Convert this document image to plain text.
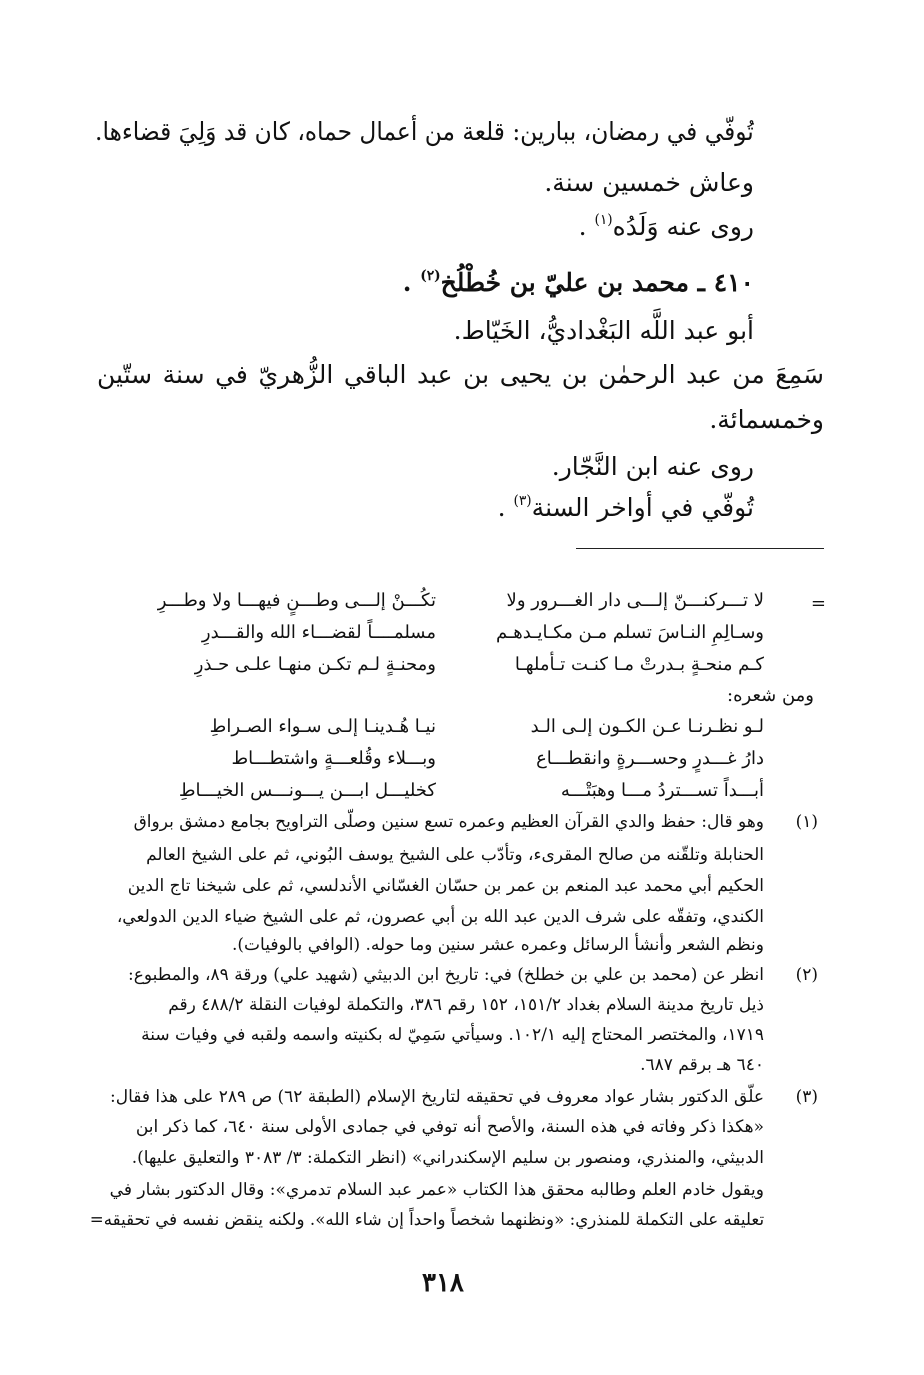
تُوفّي في رمضان، ببارين: قلعة من أعمال حماه، كان قد وَلِيَ قضاءها.
وعاش خمسين سنة.
روى عنه وَلَدُه$^{(١)}$ .
٤١٠ ـ محمد بن عليّ بن خُطْلُخ$^{(٢)}$ .
أبو عبد اللَّه البَغْداديُّ، الخَيّاط.
سَمِعَ من عبد الرحمٰن بن يحيى بن عبد الباقي الزُّهريّ في سنة ستّين
وخمسمائة.
روى عنه ابن النَّجّار.
تُوفّي في أواخر السنة$^{(٣)}$ .
=
لا تـــركنـــنّ إلـــى دار الغـــرور ولا
تكُـــنْ إلـــى وطـــنٍ فيهـــا ولا وطـــرِ
وسـالِمِ النـاسَ تسلم مـن مكـايـدهـم
مسلمــــاً لقضـــاء الله والقـــدرِ
كـم منحـةٍ بـدرتْ مـا كنـت تـأملهـا
ومحنـةٍ لـم تكـن منهـا علـى حـذرِ
ومن شعره:
لـو نظـرنـا عـن الكـون إلـى الـد
نيـا هُـدينـا إلـى سـواء الصـراطِ
دارُ غـــدرٍ وحســـرةٍ وانقطـــاع
وبـــلاء وقُلعـــةٍ واشتطـــاط
أبـــداً تســـتردُ مـــا وهبَتْـــه
كخليـــل ابـــن يـــونـــس الخيـــاطِ
(١)
وهو قال: حفظ والدي القرآن العظيم وعمره تسع سنين وصلّى التراويح بجامع دمشق برواق
الحنابلة وتلقّنه من صالح المقرىء، وتأدّب على الشيخ يوسف البُوني، ثم على الشيخ العالم
الحكيم أبي محمد عبد المنعم بن عمر بن حسّان الغسّاني الأندلسي، ثم على شيخنا تاج الدين
الكندي، وتفقّه على شرف الدين عبد الله بن أبي عصرون، ثم على الشيخ ضياء الدين الدولعي،
ونظم الشعر وأنشأ الرسائل وعمره عشر سنين وما حوله. (الوافي بالوفيات).
(٢)
انظر عن (محمد بن علي بن خطلخ) في: تاريخ ابن الدبيثي (شهيد علي) ورقة ٨٩، والمطبوع:
ذيل تاريخ مدينة السلام بغداد ١٥١/٢، ١٥٢ رقم ٣٨٦، والتكملة لوفيات النقلة ٤٨٨/٢ رقم
١٧١٩، والمختصر المحتاج إليه ١٠٢/١. وسيأتي سَمِيّ له بكنيته واسمه ولقبه في وفيات سنة
٦٤٠ هـ برقم ٦٨٧.
(٣)
علّق الدكتور بشار عواد معروف في تحقيقه لتاريخ الإسلام (الطبقة ٦٢) ص ٢٨٩ على هذا فقال:
«هكذا ذكر وفاته في هذه السنة، والأصح أنه توفي في جمادى الأولى سنة ٦٤٠، كما ذكر ابن
الدبيثي، والمنذري، ومنصور بن سليم الإسكندراني» (انظر التكملة: ٣/ ٣٠٨٣ والتعليق عليها).
ويقول خادم العلم وطالبه محقق هذا الكتاب «عمر عبد السلام تدمري»: وقال الدكتور بشار في
تعليقه على التكملة للمنذري: «ونظنهما شخصاً واحداً إن شاء الله». ولكنه ينقض نفسه في تحقيقه=
٣١٨
